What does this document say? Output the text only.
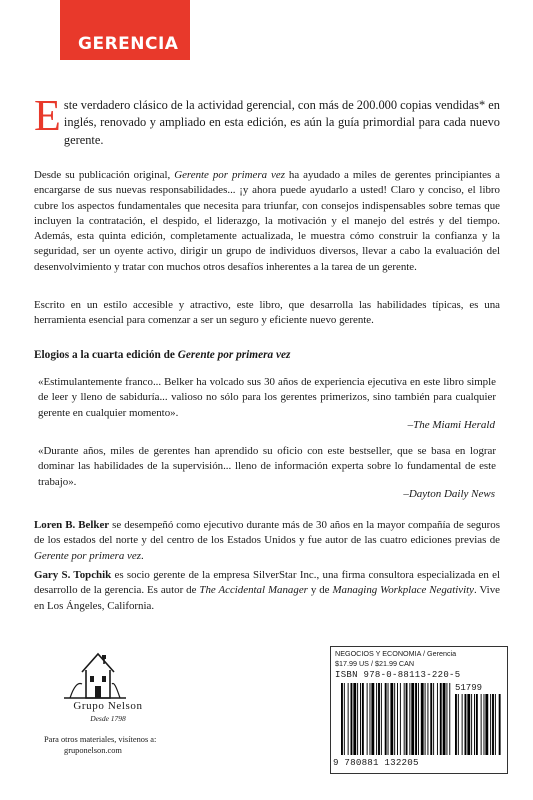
GERENCIA
Este verdadero clásico de la actividad gerencial, con más de 200.000 copias vendidas* en inglés, renovado y ampliado en esta edición, es aún la guía primordial para cada nuevo gerente.
Desde su publicación original, Gerente por primera vez ha ayudado a miles de gerentes principiantes a encargarse de sus nuevas responsabilidades... ¡y ahora puede ayudarlo a usted! Claro y conciso, el libro cubre los aspectos fundamentales que necesita para triunfar, con consejos indispensables sobre temas que incluyen la contratación, el despido, el liderazgo, la motivación y el manejo del estrés y del tiempo. Además, esta quinta edición, completamente actualizada, le muestra cómo construir la confianza y la seguridad, ser un oyente activo, dirigir un grupo de individuos diversos, llevar a cabo la evaluación del desenvolvimiento y tratar con muchos otros desafíos inherentes a la tarea de un gerente.
Escrito en un estilo accesible y atractivo, este libro, que desarrolla las habilidades típicas, es una herramienta esencial para comenzar a ser un seguro y eficiente nuevo gerente.
Elogios a la cuarta edición de Gerente por primera vez
«Estimulantemente franco... Belker ha volcado sus 30 años de experiencia ejecutiva en este libro simple de leer y lleno de sabiduría... valioso no sólo para los gerentes primerizos, sino también para cualquier gerente en cualquier momento».
–The Miami Herald
«Durante años, miles de gerentes han aprendido su oficio con este bestseller, que se basa en lograr dominar las habilidades de la supervisión... lleno de información experta sobre lo fundamental de este trabajo».
–Dayton Daily News
Loren B. Belker se desempeñó como ejecutivo durante más de 30 años en la mayor compañía de seguros de los estados del norte y del centro de los Estados Unidos y fue autor de las cuatro ediciones previas de Gerente por primera vez.
Gary S. Topchik es socio gerente de la empresa SilverStar Inc., una firma consultora especializada en el desarrollo de la gerencia. Es autor de The Accidental Manager y de Managing Workplace Negativity. Vive en Los Ángeles, California.
Grupo Nelson
Desde 1798
Para otros materiales, visítenos a:
gruponelson.com
NEGOCIOS Y ECONOMIA / Gerencia
$17.99 US / $21.99 CAN
ISBN 978-0-88113-220-5
51799
9 780881 132205
